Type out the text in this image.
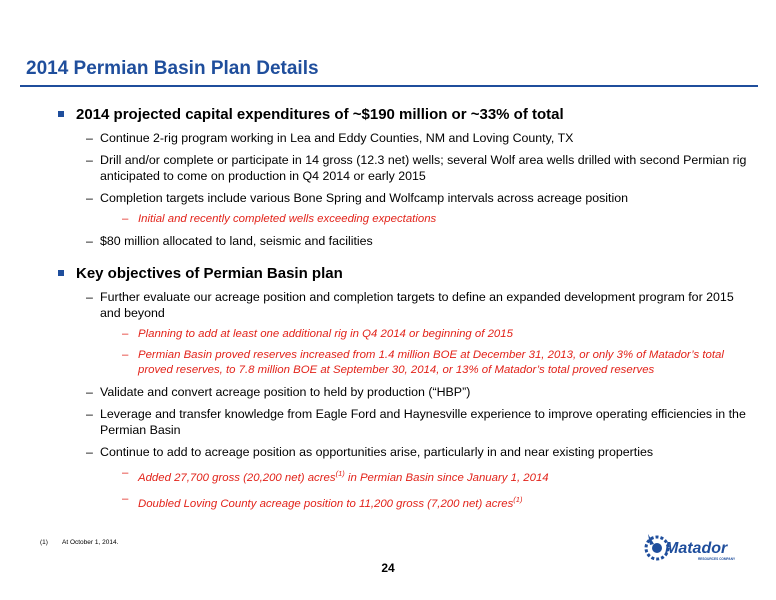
2014 Permian Basin Plan Details
2014 projected capital expenditures of ~$190 million or ~33% of total
– Continue 2-rig program working in Lea and Eddy Counties, NM and Loving County, TX
– Drill and/or complete or participate in 14 gross (12.3 net) wells; several Wolf area wells drilled with second Permian rig anticipated to come on production in Q4 2014 or early 2015
– Completion targets include various Bone Spring and Wolfcamp intervals across acreage position
– Initial and recently completed wells exceeding expectations
– $80 million allocated to land, seismic and facilities
Key objectives of Permian Basin plan
– Further evaluate our acreage position and completion targets to define an expanded development program for 2015 and beyond
– Planning to add at least one additional rig in Q4 2014 or beginning of 2015
– Permian Basin proved reserves increased from 1.4 million BOE at December 31, 2013, or only 3% of Matador’s total proved reserves, to 7.8 million BOE at September 30, 2014, or 13% of Matador’s total proved reserves
– Validate and convert acreage position to held by production (“HBP”)
– Leverage and transfer knowledge from Eagle Ford and Haynesville experience to improve operating efficiencies in the Permian Basin
– Continue to add to acreage position as opportunities arise, particularly in and near existing properties
– Added 27,700 gross (20,200 net) acres$^{(1)}$ in Permian Basin since January 1, 2014
– Doubled Loving County acreage position to 11,200 gross (7,200 net) acres$^{(1)}$
(1) At October 1, 2014.
24
Matador
RESOURCES COMPANY
